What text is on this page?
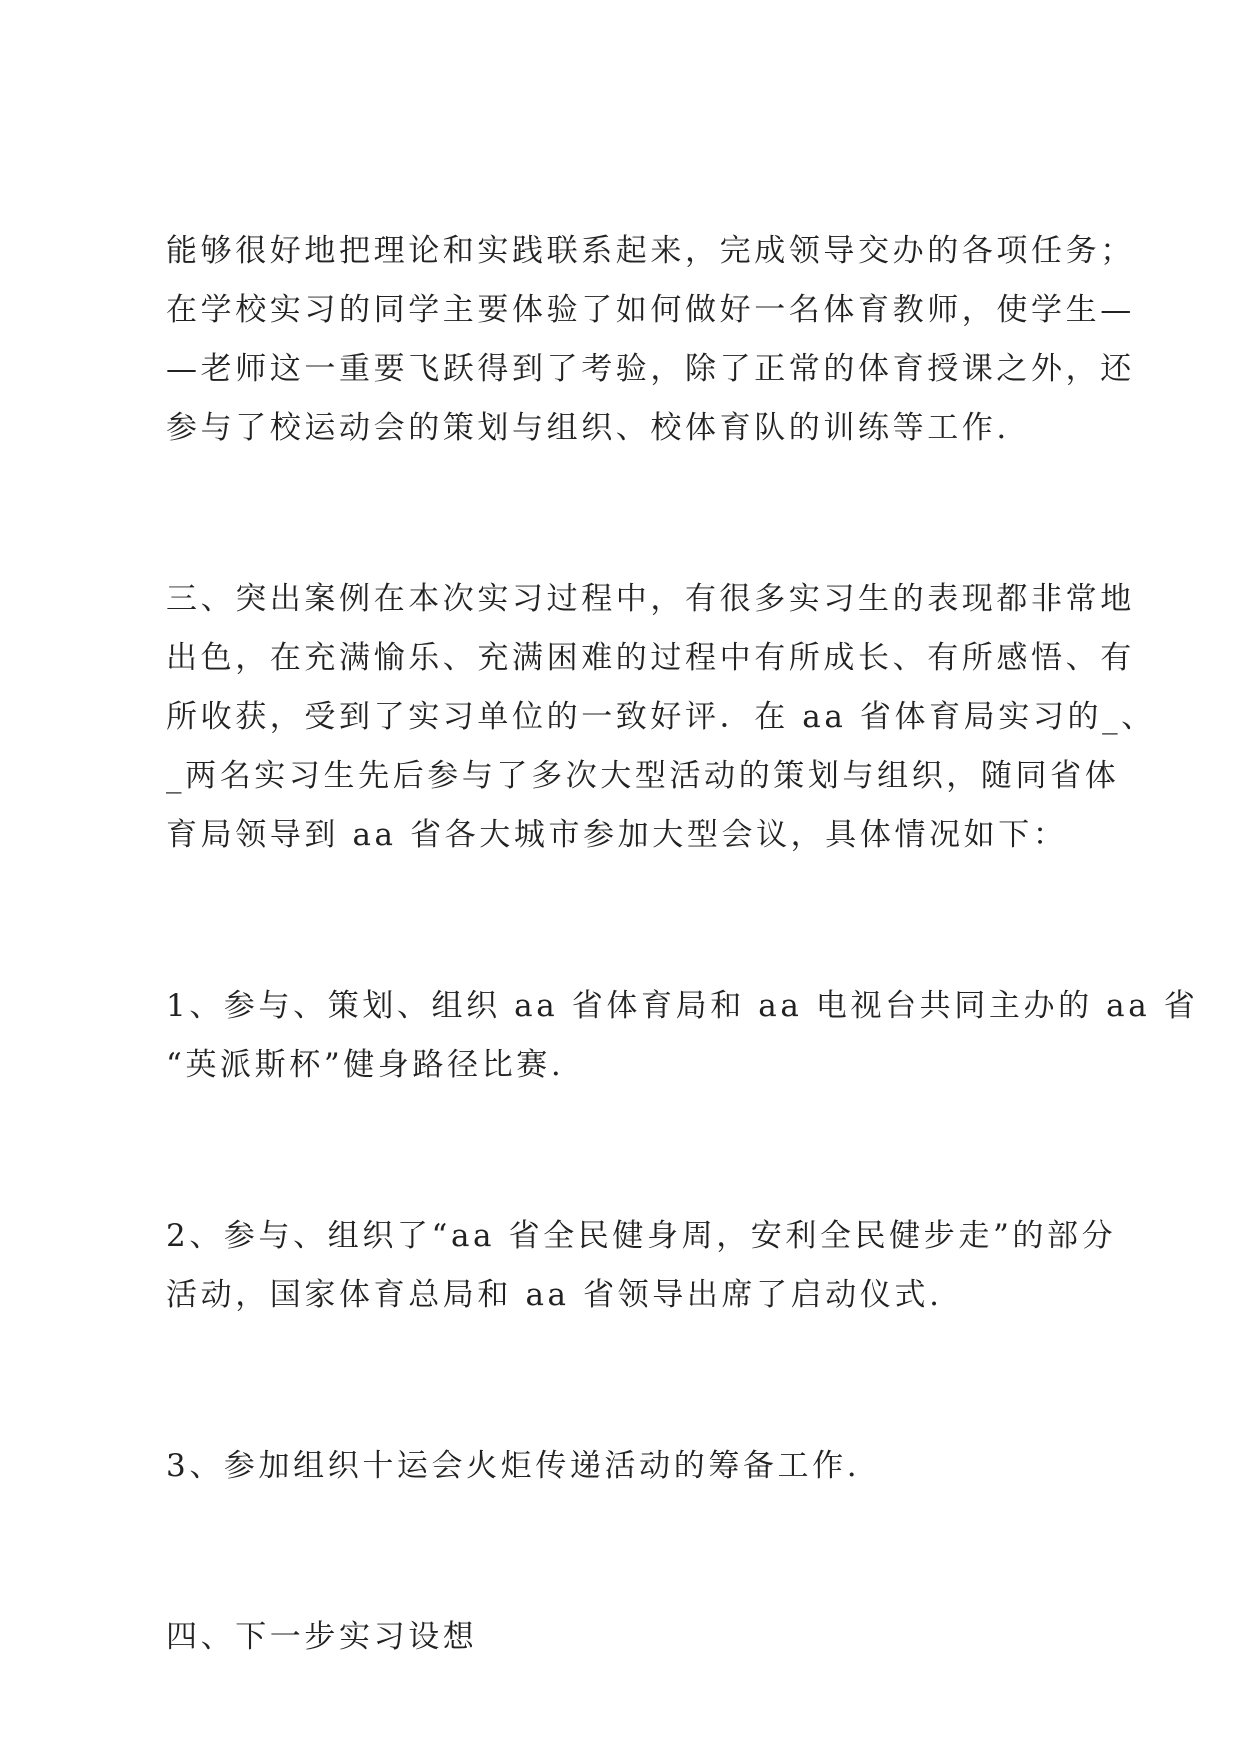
能够很好地把理论和实践联系起来，完成领导交办的各项任务；
在学校实习的同学主要体验了如何做好一名体育教师，使学生—
—老师这一重要飞跃得到了考验，除了正常的体育授课之外，还
参与了校运动会的策划与组织、校体育队的训练等工作.
三、突出案例在本次实习过程中，有很多实习生的表现都非常地
出色，在充满愉乐、充满困难的过程中有所成长、有所感悟、有
所收获，受到了实习单位的一致好评．在 aa 省体育局实习的_、
_两名实习生先后参与了多次大型活动的策划与组织，随同省体
育局领导到 aa 省各大城市参加大型会议，具体情况如下：
1、参与、策划、组织 aa 省体育局和 aa 电视台共同主办的 aa 省
“英派斯杯”健身路径比赛.
2、参与、组织了“aa 省全民健身周，安利全民健步走”的部分
活动，国家体育总局和 aa 省领导出席了启动仪式.
3、参加组织十运会火炬传递活动的筹备工作.
四、下一步实习设想
